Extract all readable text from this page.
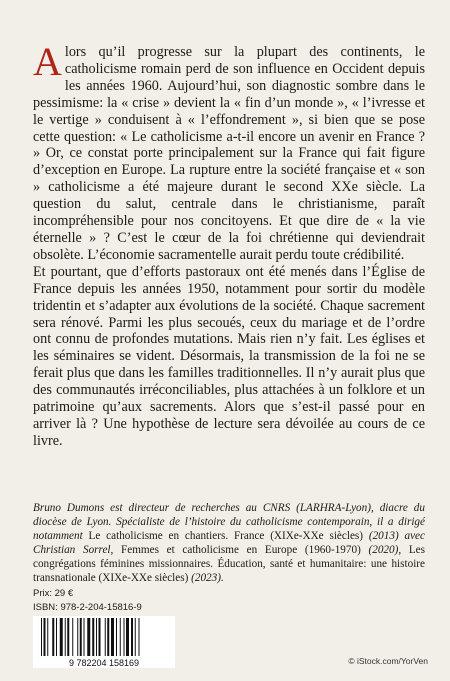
Alors qu’il progresse sur la plupart des continents, le catholicisme romain perd de son influence en Occident depuis les années 1960. Aujourd’hui, son diagnostic sombre dans le pessimisme: la « crise » devient la « fin d’un monde », « l’ivresse et le vertige » conduisent à « l’effondrement », si bien que se pose cette question: « Le catholicisme a-t-il encore un avenir en France ? » Or, ce constat porte principalement sur la France qui fait figure d’exception en Europe. La rupture entre la société française et « son » catholicisme a été majeure durant le second XXe siècle. La question du salut, centrale dans le christianisme, paraît incompréhensible pour nos concitoyens. Et que dire de « la vie éternelle » ? C’est le cœur de la foi chrétienne qui deviendrait obsolète. L’économie sacramentelle aurait perdu toute crédibilité.

Et pourtant, que d’efforts pastoraux ont été menés dans l’Église de France depuis les années 1950, notamment pour sortir du modèle tridentin et s’adapter aux évolutions de la société. Chaque sacrement sera rénové. Parmi les plus secoués, ceux du mariage et de l’ordre ont connu de profondes mutations. Mais rien n’y fait. Les églises et les séminaires se vident. Désormais, la transmission de la foi ne se ferait plus que dans les familles traditionnelles. Il n’y aurait plus que des communautés irréconciliables, plus attachées à un folklore et un patrimoine qu’aux sacrements. Alors que s’est-il passé pour en arriver là ? Une hypothèse de lecture sera dévoilée au cours de ce livre.

Bruno Dumons est directeur de recherches au CNRS (LARHRA-Lyon), diacre du diocèse de Lyon. Spécialiste de l’histoire du catholicisme contemporain, il a dirigé notamment Le catholicisme en chantiers. France (XIXe-XXe siècles) (2013) avec Christian Sorrel, Femmes et catholicisme en Europe (1960-1970) (2020), Les congrégations féminines missionnaires. Éducation, santé et humanitaire: une histoire transnationale (XIXe-XXe siècles) (2023).
Prix: 29 €
ISBN: 978-2-204-15816-9
9 782204 158169	© iStock.com/YorVen
